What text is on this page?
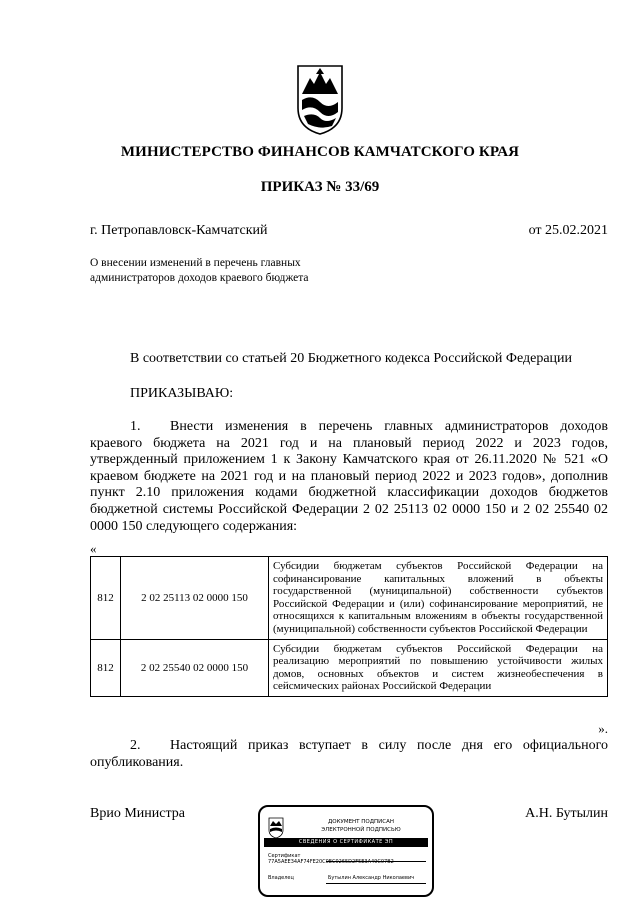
МИНИСТЕРСТВО ФИНАНСОВ КАМЧАТСКОГО КРАЯ
ПРИКАЗ № 33/69
г. Петропавловск-Камчатский	от 25.02.2021
О внесении изменений в перечень главных администраторов доходов краевого бюджета
В соответствии со статьей 20 Бюджетного кодекса Российской Федерации
ПРИКАЗЫВАЮ:
1. Внести изменения в перечень главных администраторов доходов краевого бюджета на 2021 год и на плановый период 2022 и 2023 годов, утвержденный приложением 1 к Закону Камчатского края от 26.11.2020 № 521 «О краевом бюджете на 2021 год и на плановый период 2022 и 2023 годов», дополнив пункт 2.10 приложения кодами бюджетной классификации доходов бюджетов бюджетной системы Российской Федерации 2 02 25113 02 0000 150 и 2 02 25540 02 0000 150 следующего содержания:
«
812	2 02 25113 02 0000 150	Субсидии бюджетам субъектов Российской Федерации на софинансирование капитальных вложений в объекты государственной (муниципальной) собственности субъектов Российской Федерации и (или) софинансирование мероприятий, не относящихся к капитальным вложениям в объекты государственной (муниципальной) собственности субъектов Российской Федерации
812	2 02 25540 02 0000 150	Субсидии бюджетам субъектов Российской Федерации на реализацию мероприятий по повышению устойчивости жилых домов, основных объектов и систем жизнеобеспечения в сейсмических районах Российской Федерации
».
2. Настоящий приказ вступает в силу после дня его официального опубликования.
Врио Министра	А.Н. Бутылин
ДОКУМЕНТ ПОДПИСАН
ЭЛЕКТРОННОЙ ПОДПИСЬЮ
СВЕДЕНИЯ О СЕРТИФИКАТЕ ЭП
Сертификат77A5AEE34AF74FE20C0EC0265D2F5E3A49C07B2
Владелец	Бутылин Александр Николаевич
